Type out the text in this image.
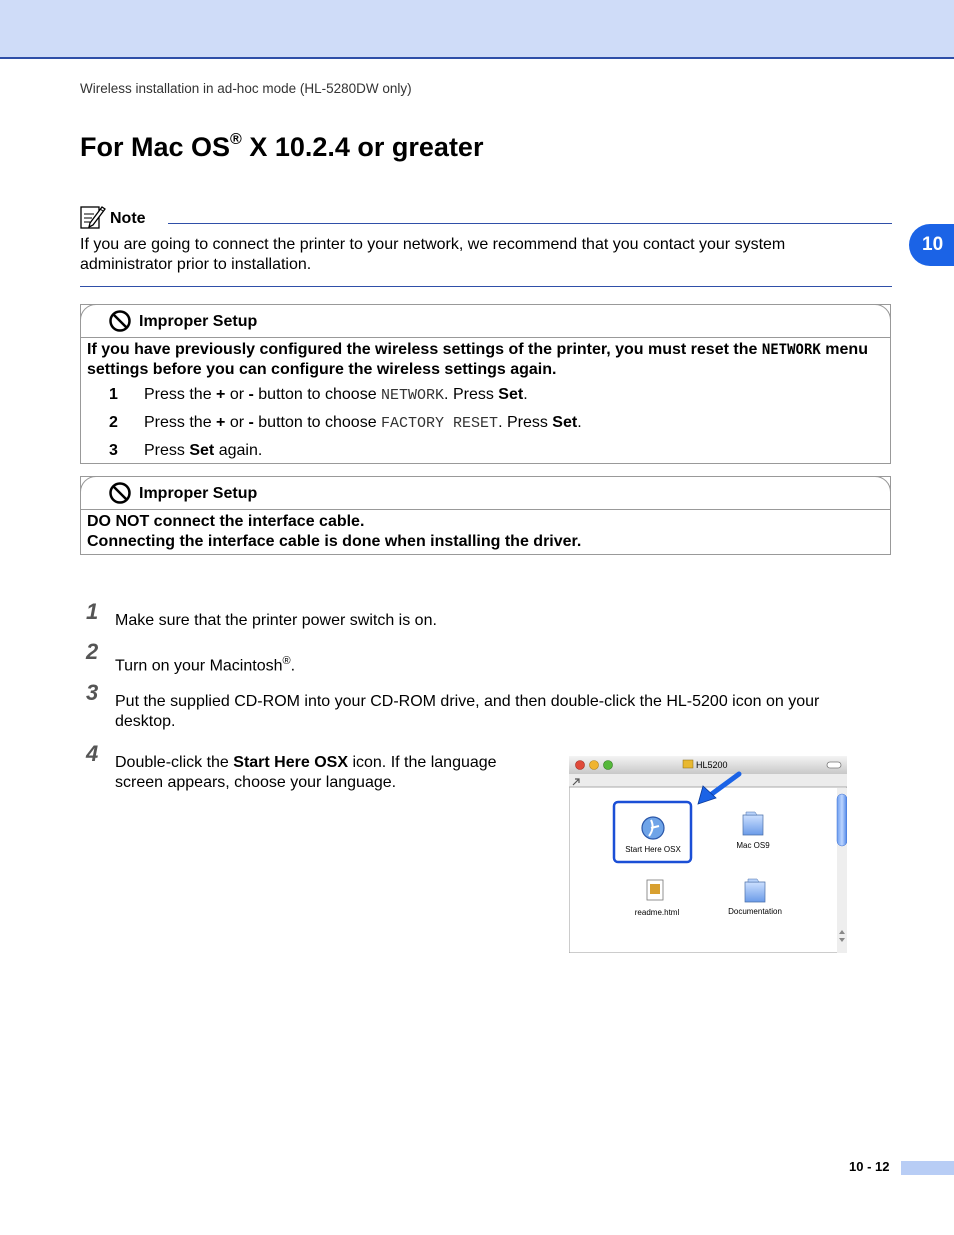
Wireless installation in ad-hoc mode (HL-5280DW only)
For Mac OS® X 10.2.4 or greater
10
Note
If you are going to connect the printer to your network, we recommend that you contact your system administrator prior to installation.
Improper Setup
If you have previously configured the wireless settings of the printer, you must reset the NETWORK menu settings before you can configure the wireless settings again.
1 Press the + or - button to choose NETWORK. Press Set.
2 Press the + or - button to choose FACTORY RESET. Press Set.
3 Press Set again.
Improper Setup
DO NOT connect the interface cable.
Connecting the interface cable is done when installing the driver.
1 Make sure that the printer power switch is on.
2
Turn on your Macintosh®.
3 Put the supplied CD-ROM into your CD-ROM drive, and then double-click the HL-5200 icon on your desktop.
4 Double-click the Start Here OSX icon. If the language screen appears, choose your language.
HL5200
Start Here OSX	Mac OS9
readme.html	Documentation
10 - 12
